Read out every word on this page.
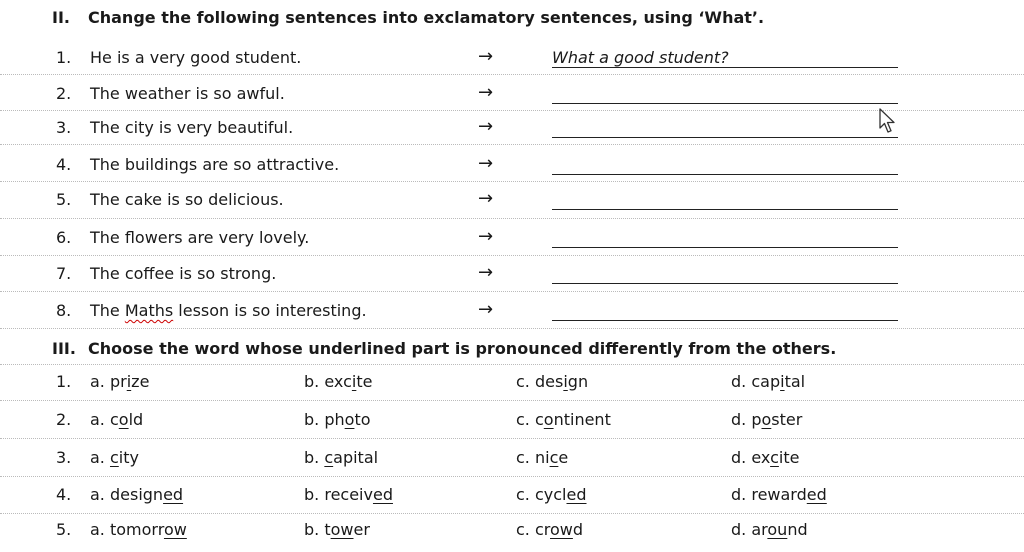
II. Change the following sentences into exclamatory sentences, using ‘What’.
1. He is a very good student.	→	What a good student?
2. The weather is so awful.	→
3. The city is very beautiful.	→
4. The buildings are so attractive.	→
5. The cake is so delicious.	→
6. The flowers are very lovely.	→
7. The coffee is so strong.	→
8. The Maths lesson is so interesting.	→
III. Choose the word whose underlined part is pronounced differently from the others.
1. a. prize	b. excite	c. design	d. capital
2. a. cold	b. photo	c. continent	d. poster
3. a. city	b. capital	c. nice	d. excite
4. a. designed	b. received	c. cycled	d. rewarded
5. a. tomorrow	b. tower	c. crowd	d. around
